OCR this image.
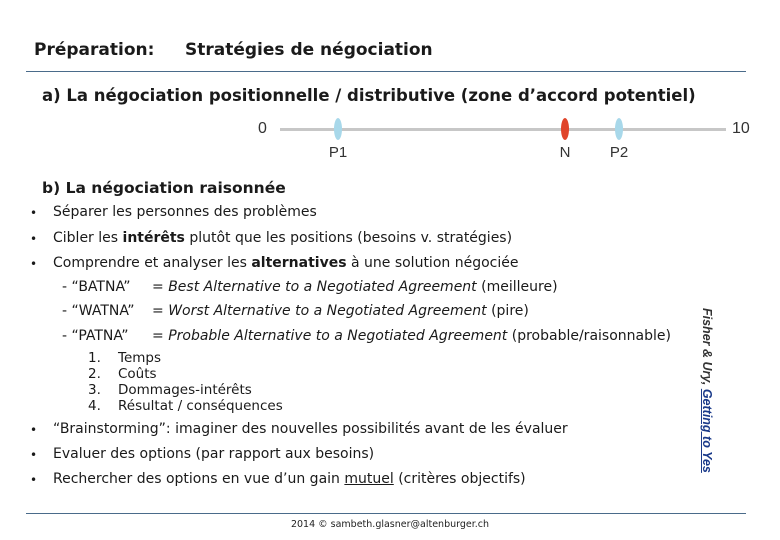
Préparation: Stratégies de négociation
a) La négociation positionnelle / distributive (zone d’accord potentiel)
0	10
P1	N	P2
b) La négociation raisonnée
• Séparer les personnes des problèmes
• Cibler les intérêts plutôt que les positions (besoins v. stratégies)
• Comprendre et analyser les alternatives à une solution négociée
- “BATNA” = Best Alternative to a Negotiated Agreement (meilleure)
- “WATNA” = Worst Alternative to a Negotiated Agreement (pire)
- “PATNA” = Probable Alternative to a Negotiated Agreement (probable/raisonnable)
1. Temps
2. Coûts
3. Dommages-intérêts
4. Résultat / conséquences
• “Brainstorming”: imaginer des nouvelles possibilités avant de les évaluer
• Evaluer des options (par rapport aux besoins)
• Rechercher des options en vue d’un gain mutuel (critères objectifs)
Fisher & Ury, Getting to Yes
2014 © sambeth.glasner@altenburger.ch
